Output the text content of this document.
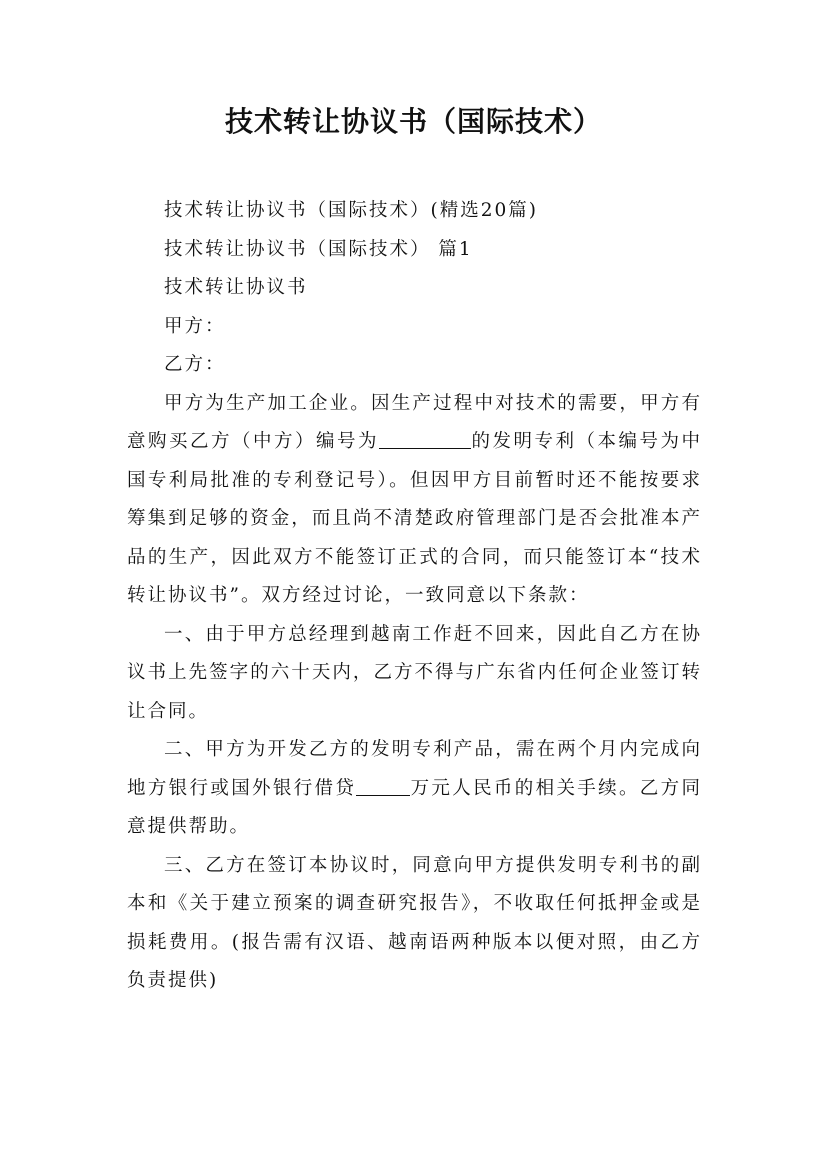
技术转让协议书（国际技术）

技术转让协议书（国际技术）(精选20篇)

技术转让协议书（国际技术） 篇1

技术转让协议书

甲方：

乙方：

甲方为生产加工企业。因生产过程中对技术的需要，甲方有意购买乙方（中方）编号为	的发明专利（本编号为中国专利局批准的专利登记号）。但因甲方目前暂时还不能按要求筹集到足够的资金，而且尚不清楚政府管理部门是否会批准本产品的生产，因此双方不能签订正式的合同，而只能签订本“技术转让协议书”。双方经过讨论，一致同意以下条款：

一、由于甲方总经理到越南工作赶不回来，因此自乙方在协议书上先签字的六十天内，乙方不得与广东省内任何企业签订转让合同。

二、甲方为开发乙方的发明专利产品，需在两个月内完成向地方银行或国外银行借贷	万元人民币的相关手续。乙方同意提供帮助。

三、乙方在签订本协议时，同意向甲方提供发明专利书的副本和《关于建立预案的调查研究报告》，不收取任何抵押金或是损耗费用。(报告需有汉语、越南语两种版本以便对照，由乙方负责提供)
